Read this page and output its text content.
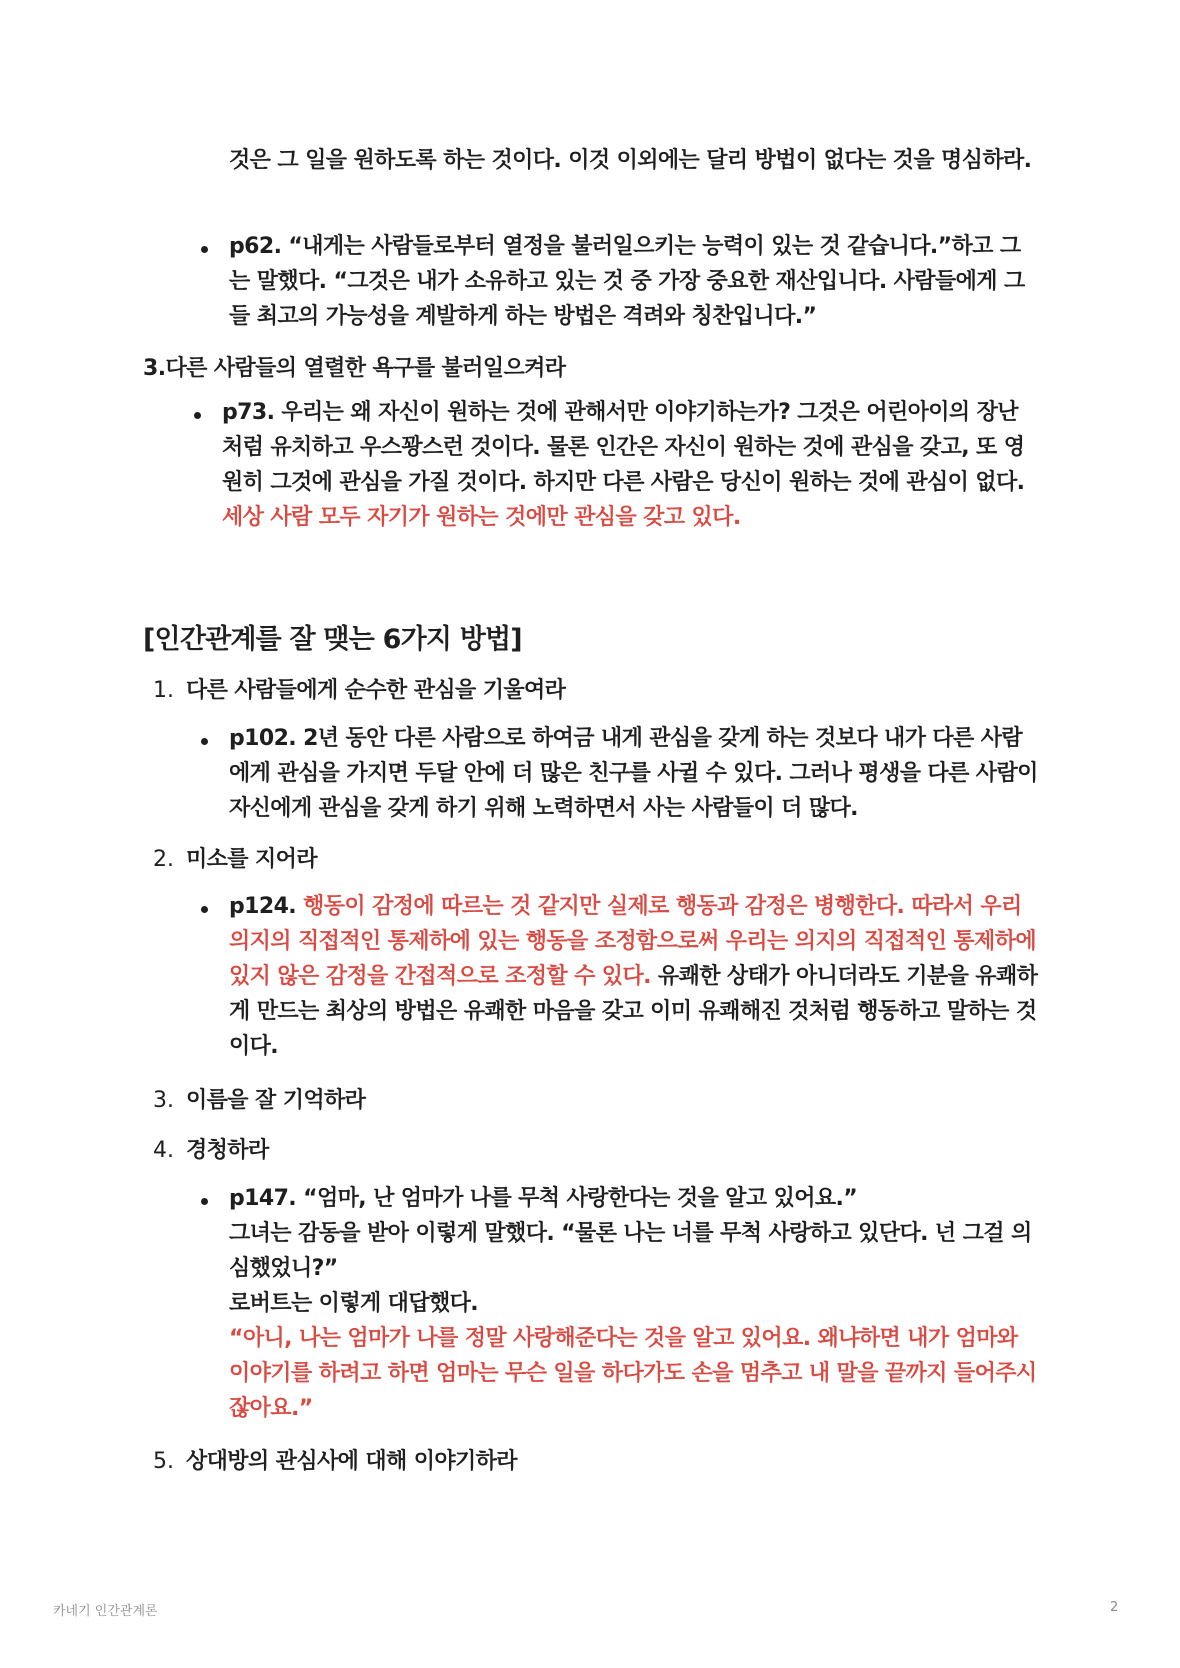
것은 그 일을 원하도록 하는 것이다. 이것 이외에는 달리 방법이 없다는 것을 명심하라.
p62. “내게는 사람들로부터 열정을 불러일으키는 능력이 있는 것 같습니다.”하고 그는 말했다. “그것은 내가 소유하고 있는 것 중 가장 중요한 재산입니다. 사람들에게 그들 최고의 가능성을 계발하게 하는 방법은 격려와 칭찬입니다.”
3.다른 사람들의 열렬한 욕구를 불러일으켜라
p73. 우리는 왜 자신이 원하는 것에 관해서만 이야기하는가? 그것은 어린아이의 장난처럼 유치하고 우스꽝스런 것이다. 물론 인간은 자신이 원하는 것에 관심을 갖고, 또 영원히 그것에 관심을 가질 것이다. 하지만 다른 사람은 당신이 원하는 것에 관심이 없다. 세상 사람 모두 자기가 원하는 것에만 관심을 갖고 있다.
[인간관계를 잘 맺는 6가지 방법]
1. 다른 사람들에게 순수한 관심을 기울여라
p102. 2년 동안 다른 사람으로 하여금 내게 관심을 갖게 하는 것보다 내가 다른 사람에게 관심을 가지면 두달 안에 더 많은 친구를 사귈 수 있다. 그러나 평생을 다른 사람이 자신에게 관심을 갖게 하기 위해 노력하면서 사는 사람들이 더 많다.
2. 미소를 지어라
p124. 행동이 감정에 따르는 것 같지만 실제로 행동과 감정은 병행한다. 따라서 우리 의지의 직접적인 통제하에 있는 행동을 조정함으로써 우리는 의지의 직접적인 통제하에 있지 않은 감정을 간접적으로 조정할 수 있다. 유쾌한 상태가 아니더라도 기분을 유쾌하게 만드는 최상의 방법은 유쾌한 마음을 갖고 이미 유쾌해진 것처럼 행동하고 말하는 것이다.
3. 이름을 잘 기억하라
4. 경청하라
p147. “엄마, 난 엄마가 나를 무척 사랑한다는 것을 알고 있어요.”
그녀는 감동을 받아 이렇게 말했다. “물론 나는 너를 무척 사랑하고 있단다. 넌 그걸 의심했었니?”
로버트는 이렇게 대답했다.
“아니, 나는 엄마가 나를 정말 사랑해준다는 것을 알고 있어요. 왜냐하면 내가 엄마와 이야기를 하려고 하면 엄마는 무슨 일을 하다가도 손을 멈추고 내 말을 끝까지 들어주시잖아요.”
5. 상대방의 관심사에 대해 이야기하라
카네기 인간관계론	2
